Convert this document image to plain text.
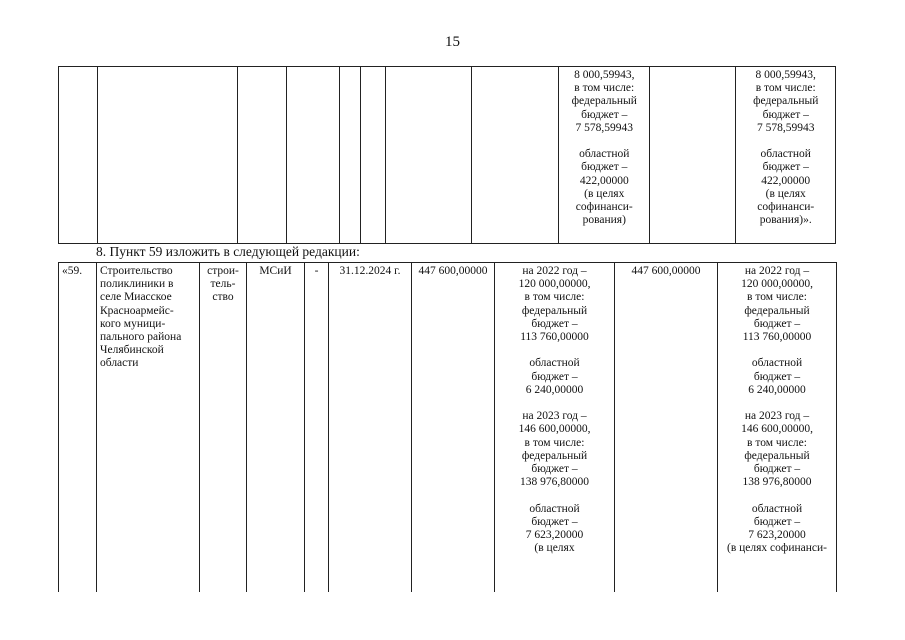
15
								8 000,59943,
в том числе:
федеральный
бюджет –
7 578,59943

областной
бюджет –
422,00000
(в целях
софинанси-
рования)		8 000,59943,
в том числе:
федеральный
бюджет –
7 578,59943

областной
бюджет –
422,00000
(в целях
софинанси-
рования)».
8. Пункт 59 изложить в следующей редакции:
«59.	Строительство
поликлиники в
селе Миасское
Красноармейс-
кого муници-
пального района
Челябинской
области	строи-
тель-
ство	МСиИ	-	31.12.2024 г.	447 600,00000	на 2022 год –
120 000,00000,
в том числе:
федеральный
бюджет –
113 760,00000

областной
бюджет –
6 240,00000

на 2023 год –
146 600,00000,
в том числе:
федеральный
бюджет –
138 976,80000

областной
бюджет –
7 623,20000
(в целях	447 600,00000	на 2022 год –
120 000,00000,
в том числе:
федеральный
бюджет –
113 760,00000

областной
бюджет –
6 240,00000

на 2023 год –
146 600,00000,
в том числе:
федеральный
бюджет –
138 976,80000

областной
бюджет –
7 623,20000
(в целях софинанси-
